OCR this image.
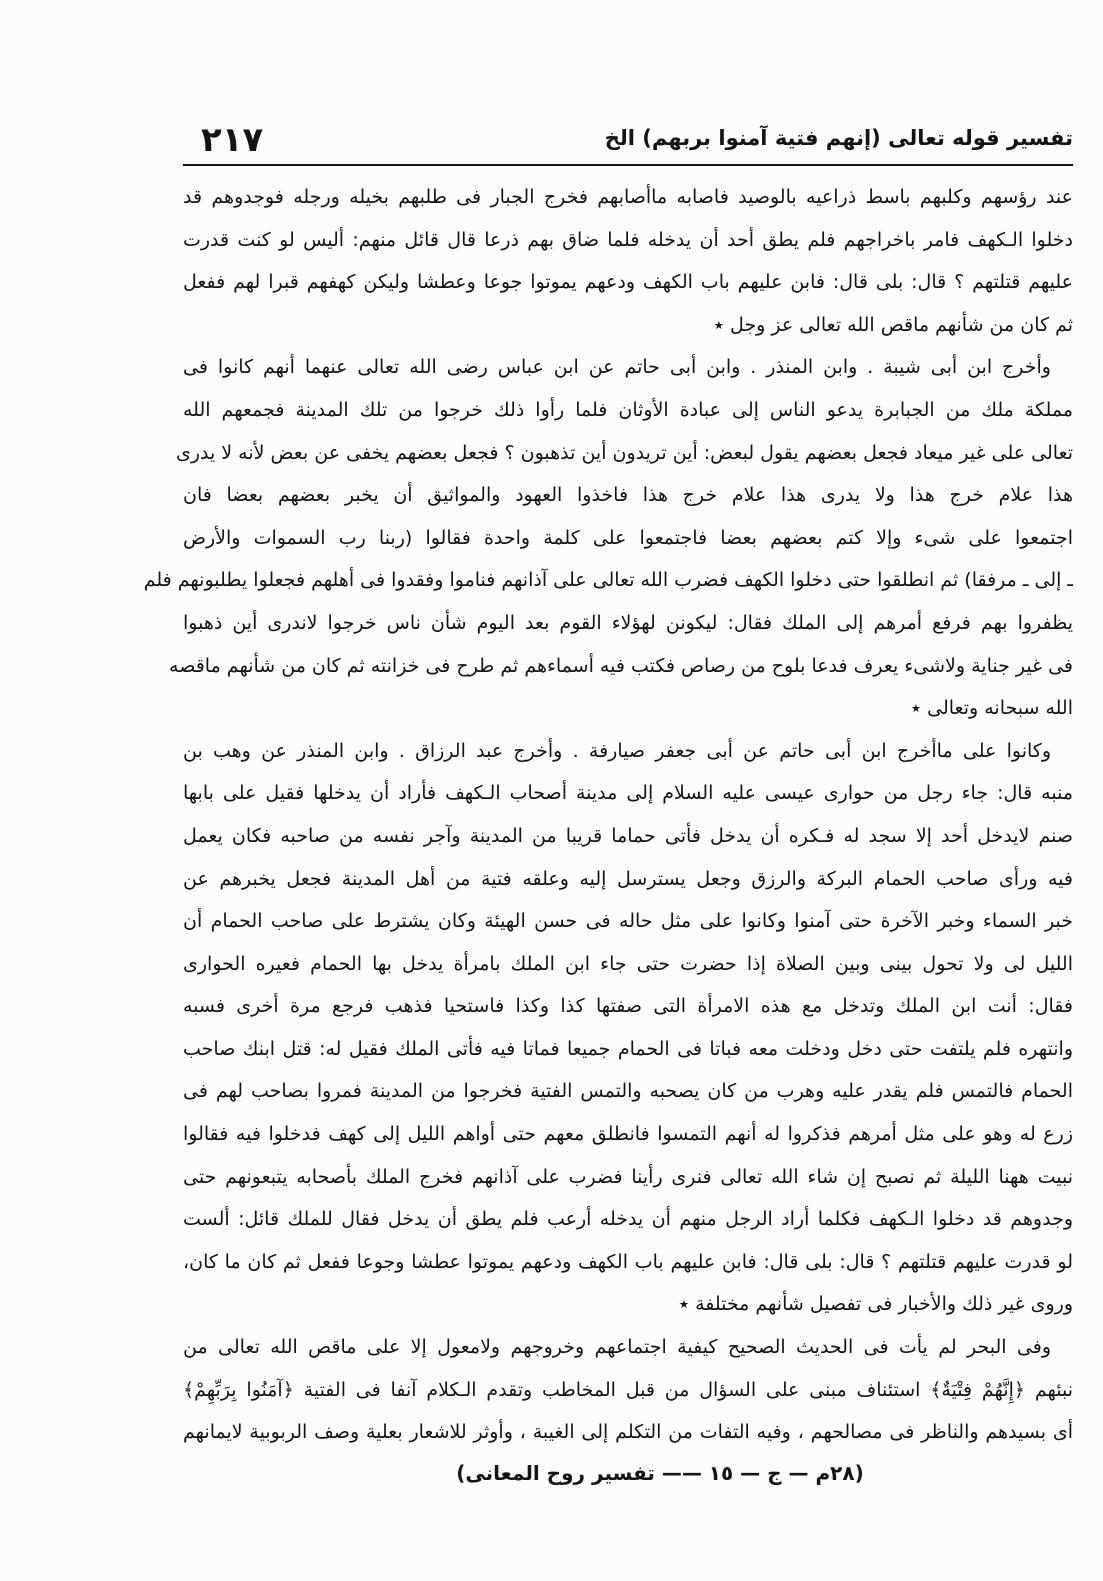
تفسير قوله تعالى (إنهم فتية آمنوا بربهم) الخ
٢١٧
عند رؤسهم وكلبهم باسط ذراعيه بالوصيد فاصابه ماأصابهم فخرج الجبار فى طلبهم بخيله ورجله فوجدوهم قد
دخلوا الـكهف فامر باخراجهم فلم يطق أحد أن يدخله فلما ضاق بهم ذرعا قال قائل منهم: أليس لو كنت قدرت
عليهم قتلتهم ؟ قال: بلى قال: فابن عليهم باب الكهف ودعهم يموتوا جوعا وعطشا وليكن كهفهم قبرا لهم ففعل
ثم كان من شأنهم ماقص الله تعالى عز وجل ٭
وأخرج ابن أبى شيبة . وابن المنذر . وابن أبى حاتم عن ابن عباس رضى الله تعالى عنهما أنهم كانوا فى
مملكة ملك من الجبابرة يدعو الناس إلى عبادة الأوثان فلما رأوا ذلك خرجوا من تلك المدينة فجمعهم الله
تعالى على غير ميعاد فجعل بعضهم يقول لبعض: أين تريدون أين تذهبون ؟ فجعل بعضهم يخفى عن بعض لأنه لا يدرى
هذا علام خرج هذا ولا يدرى هذا علام خرج هذا فاخذوا العهود والمواثيق أن يخبر بعضهم بعضا فان
اجتمعوا على شىء وإلا كتم بعضهم بعضا فاجتمعوا على كلمة واحدة فقالوا (ربنا رب السموات والأرض
ـ إلى ـ مرفقا) ثم انطلقوا حتى دخلوا الكهف فضرب الله تعالى على آذانهم فناموا وفقدوا فى أهلهم فجعلوا يطلبونهم فلم
يظفروا بهم فرفع أمرهم إلى الملك فقال: ليكونن لهؤلاء القوم بعد اليوم شأن ناس خرجوا لاندرى أين ذهبوا
فى غير جناية ولاشىء يعرف فدعا بلوح من رصاص فكتب فيه أسماءهم ثم طرح فى خزانته ثم كان من شأنهم ماقصه
الله سبحانه وتعالى ٭
وكانوا على ماأخرج ابن أبى حاتم عن أبى جعفر صيارفة . وأخرج عبد الرزاق . وابن المنذر عن وهب بن
منبه قال: جاء رجل من حوارى عيسى عليه السلام إلى مدينة أصحاب الـكهف فأراد أن يدخلها فقيل على بابها
صنم لايدخل أحد إلا سجد له فـكره أن يدخل فأتى حماما قريبا من المدينة وآجر نفسه من صاحبه فكان يعمل
فيه ورأى صاحب الحمام البركة والرزق وجعل يسترسل إليه وعلقه فتية من أهل المدينة فجعل يخبرهم عن
خبر السماء وخبر الآخرة حتى آمنوا وكانوا على مثل حاله فى حسن الهيئة وكان يشترط على صاحب الحمام أن
الليل لى ولا تحول بينى وبين الصلاة إذا حضرت حتى جاء ابن الملك بامرأة يدخل بها الحمام فعيره الحوارى
فقال: أنت ابن الملك وتدخل مع هذه الامرأة التى صفتها كذا وكذا فاستحيا فذهب فرجع مرة أخرى فسبه
وانتهره فلم يلتفت حتى دخل ودخلت معه فباتا فى الحمام جميعا فماتا فيه فأتى الملك فقيل له: قتل ابنك صاحب
الحمام فالتمس فلم يقدر عليه وهرب من كان يصحبه والتمس الفتية فخرجوا من المدينة فمروا بصاحب لهم فى
زرع له وهو على مثل أمرهم فذكروا له أنهم التمسوا فانطلق معهم حتى أواهم الليل إلى كهف فدخلوا فيه فقالوا
نبيت ههنا الليلة ثم نصبح إن شاء الله تعالى فنرى رأينا فضرب على آذانهم فخرج الملك بأصحابه يتبعونهم حتى
وجدوهم قد دخلوا الـكهف فكلما أراد الرجل منهم أن يدخله أرعب فلم يطق أن يدخل فقال للملك قائل: ألست
لو قدرت عليهم قتلتهم ؟ قال: بلى قال: فابن عليهم باب الكهف ودعهم يموتوا عطشا وجوعا ففعل ثم كان ما كان،
وروى غير ذلك والأخبار فى تفصيل شأنهم مختلفة ٭
وفى البحر لم يأت فى الحديث الصحيح كيفية اجتماعهم وخروجهم ولامعول إلا على ماقص الله تعالى من
نبئهم ﴿إِنَّهُمْ فِتْيَةٌ﴾ استئناف مبنى على السؤال من قبل المخاطب وتقدم الـكلام آنفا فى الفتية ﴿آمَنُوا بِرَبِّهِمْ﴾
أى بسيدهم والناظر فى مصالحهم ، وفيه التفات من التكلم إلى الغيبة ، وأوثر للاشعار بعلية وصف الربوبية لايمانهم
(٢٨م — ج — ١٥ —— تفسير روح المعانى)
